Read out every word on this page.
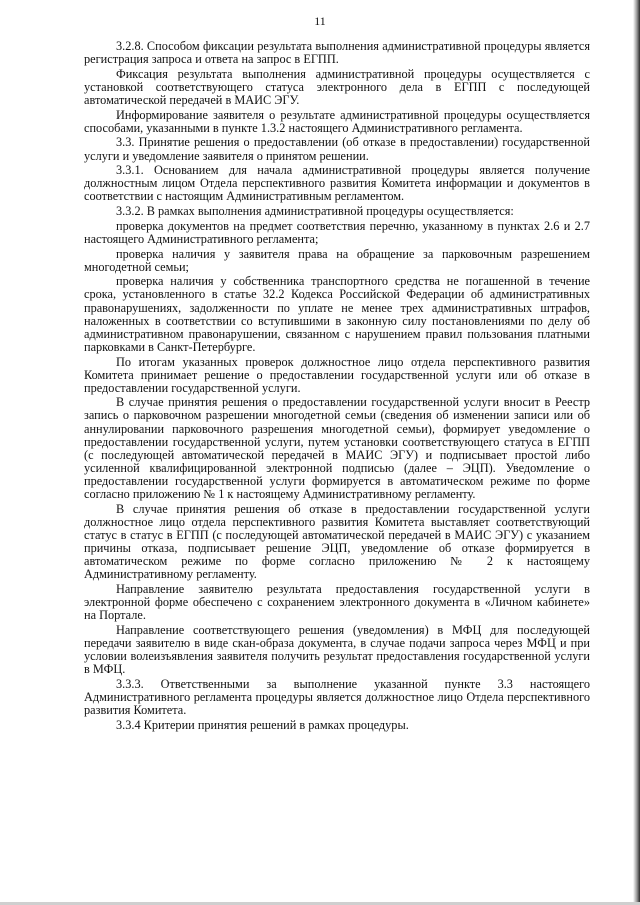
11

3.2.8. Способом фиксации результата выполнения административной процедуры является регистрация запроса и ответа на запрос в ЕГПП.

Фиксация результата выполнения административной процедуры осуществляется с установкой соответствующего статуса электронного дела в ЕГПП с последующей автоматической передачей в МАИС ЭГУ.

Информирование заявителя о результате административной процедуры осуществляется способами, указанными в пункте 1.3.2 настоящего Административного регламента.

3.3. Принятие решения о предоставлении (об отказе в предоставлении) государственной услуги и уведомление заявителя о принятом решении.

3.3.1. Основанием для начала административной процедуры является получение должностным лицом Отдела перспективного развития Комитета информации и документов в соответствии с настоящим Административным регламентом.

3.3.2. В рамках выполнения административной процедуры осуществляется:

проверка документов на предмет соответствия перечню, указанному в пунктах 2.6 и 2.7 настоящего Административного регламента;

проверка наличия у заявителя права на обращение за парковочным разрешением многодетной семьи;

проверка наличия у собственника транспортного средства не погашенной в течение срока, установленного в статье 32.2 Кодекса Российской Федерации об административных правонарушениях, задолженности по уплате не менее трех административных штрафов, наложенных в соответствии со вступившими в законную силу постановлениями по делу об административном правонарушении, связанном с нарушением правил пользования платными парковками в Санкт-Петербурге.

По итогам указанных проверок должностное лицо отдела перспективного развития Комитета принимает решение о предоставлении государственной услуги или об отказе в предоставлении государственной услуги.

В случае принятия решения о предоставлении государственной услуги вносит в Реестр запись о парковочном разрешении многодетной семьи (сведения об изменении записи или об аннулировании парковочного разрешения многодетной семьи), формирует уведомление о предоставлении государственной услуги, путем установки соответствующего статуса в ЕГПП (с последующей автоматической передачей в МАИС ЭГУ) и подписывает простой либо усиленной квалифицированной электронной подписью (далее – ЭЦП). Уведомление о предоставлении государственной услуги формируется в автоматическом режиме по форме согласно приложению № 1 к настоящему Административному регламенту.

В случае принятия решения об отказе в предоставлении государственной услуги должностное лицо отдела перспективного развития Комитета выставляет соответствующий статус в статус в ЕГПП (с последующей автоматической передачей в МАИС ЭГУ) с указанием причины отказа, подписывает решение ЭЦП, уведомление об отказе формируется в автоматическом режиме по форме согласно приложению № 2 к настоящему Административному регламенту.

Направление заявителю результата предоставления государственной услуги в электронной форме обеспечено с сохранением электронного документа в «Личном кабинете» на Портале.

Направление соответствующего решения (уведомления) в МФЦ для последующей передачи заявителю в виде скан-образа документа, в случае подачи запроса через МФЦ и при условии волеизъявления заявителя получить результат предоставления государственной услуги в МФЦ.

3.3.3. Ответственными за выполнение указанной пункте 3.3 настоящего Административного регламента процедуры является должностное лицо Отдела перспективного развития Комитета.

3.3.4 Критерии принятия решений в рамках процедуры.
